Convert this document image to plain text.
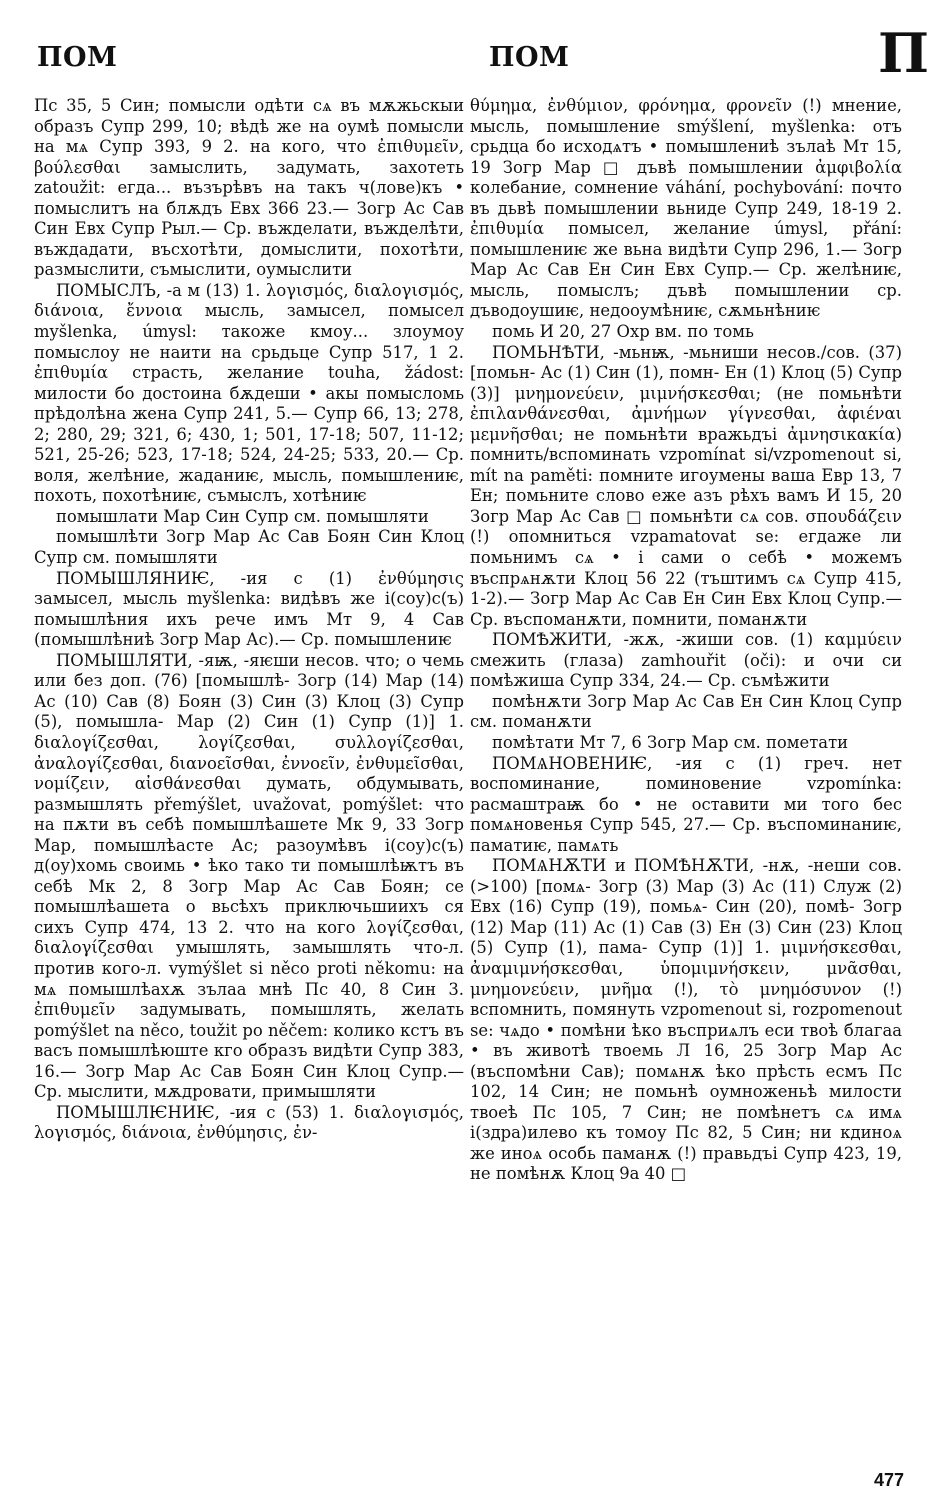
ПОМ	ПОМ	П

Пс 35, 5 Син; помысли одѣти сѧ въ мѫжьскыи образъ Супр 299, 10; вѣдѣ же на оумѣ помысли на мѧ Супр 393, 9 2. на кого, что ἐπιθυμεῖν, βούλεσθαι замыслить, задумать, захотеть zatoužit: егда... възърѣвъ на такъ ч(лове)къ • помыслитъ на блѫдъ Евх 366 23.— Зогр Ас Сав Син Евх Супр Рыл.— Ср. въжделати, въжделѣти, въждадати, въсхотѣти, домыслити, похотѣти, размыслити, съмыслити, оумыслити

ПОМЫСЛЪ, -а м (13) 1. λογισμός, διαλογισμός, διάνοια, ἔννοια мысль, замысел, помысел myšlenka, úmysl: такоже кмоу... злоумоу помыслоу не наити на срьдьце Супр 517, 1 2. ἐπιθυμία страсть, желание touha, žádost: милости бо достоина бѫдеши • акы помысломь прѣдолѣна жена Супр 241, 5.— Супр 66, 13; 278, 2; 280, 29; 321, 6; 430, 1; 501, 17-18; 507, 11-12; 521, 25-26; 523, 17-18; 524, 24-25; 533, 20.— Ср. воля, желѣние, жаданиѥ, мысль, помышлениѥ, похоть, похотѣниѥ, съмыслъ, хотѣниѥ

помышлати Мар Син Супр см. помышляти

помышлѣти Зогр Мар Ас Сав Боян Син Клоц Супр см. помышляти

ПОМЫШЛЯНИѤ, -ия с (1) ἐνθύμησις замысел, мысль myšlenka: видѣвъ же і(соу)с(ъ) помышлѣния ихъ рече имъ Мт 9, 4 Сав (помышлѣниѣ Зогр Мар Ас).— Ср. помышлениѥ

ПОМЫШЛЯТИ, -яѭ, -яѥши несов. что; о чемь или без доп. (76) [помышлѣ- Зогр (14) Мар (14) Ас (10) Сав (8) Боян (3) Син (3) Клоц (3) Супр (5), помышла- Мар (2) Син (1) Супр (1)] 1. διαλογίζεσθαι, λογίζεσθαι, συλλογίζεσθαι, ἀναλογίζεσθαι, διανοεῖσθαι, ἐννοεῖν, ἐνθυμεῖσθαι, νομίζειν, αἰσθάνεσθαι думать, обдумывать, размышлять přemýšlet, uvažovat, pomýšlet: что на пѫти въ себѣ помышлѣашете Мк 9, 33 Зогр Мар, помышлѣасте Ас; разоумѣвъ і(соу)с(ъ) д(оу)хомь своимь • ѣко тако ти помышлѣѭтъ въ себѣ Мк 2, 8 Зогр Мар Ас Сав Боян; се помышлѣашета о вьсѣхъ приключьшиихъ ся сихъ Супр 474, 13 2. что на кого λογίζεσθαι, διαλογίζεσθαι умышлять, замышлять что-л. против кого-л. vymýšlet si něco proti někomu: на мѧ помышлѣахѫ зълаа мнѣ Пс 40, 8 Син 3. ἐπιθυμεῖν задумывать, помышлять, желать pomýšlet na něco, toužit po něčem: колико кстъ въ васъ помышлѣюште кго образъ видѣти Супр 383, 16.— Зогр Мар Ас Сав Боян Син Клоц Супр.— Ср. мыслити, мѫдровати, примышляти

ПОМЫШЛѤНИѤ, -ия с (53) 1. διαλογισμός, λογισμός, διάνοια, ἐνθύμησις, ἐν-

θύμημα, ἐνθύμιον, φρόνημα, φρονεῖν (!) мнение, мысль, помышление smýšlení, myšlenka: отъ срьдца бо исходѧтъ • помышлениѣ зълаѣ Мт 15, 19 Зогр Мар □ дъвѣ помышлении ἀμφιβολία колебание, сомнение váhání, pochybování: почто въ дьвѣ помышлении вьниде Супр 249, 18-19 2. ἐπιθυμία помысел, желание úmysl, přání: помышлениѥ же вьна видѣти Супр 296, 1.— Зогр Мар Ас Сав Ен Син Евх Супр.— Ср. желѣниѥ, мысль, помыслъ; дъвѣ помышлении ср. дъводоушиѥ, недооумѣниѥ, сѫмьнѣниѥ

помь И 20, 27 Охр вм. по томь

ПОМЬНѢТИ, -мьнѭ, -мьниши несов./сов. (37) [помьн- Ас (1) Син (1), помн- Ен (1) Клоц (5) Супр (3)] μνημονεύειν, μιμνήσκεσθαι; (не помьнѣти ἐπιλανθάνεσθαι, ἀμνήμων γίγνεσθαι, ἀφιέναι μεμνῆσθαι; не помьнѣти вражьдъі ἀμνησικακία) помнить/вспоминать vzpomínat si/vzpomenout si, mít na paměti: помните игоумены ваша Евр 13, 7 Ен; помьните слово еже азъ рѣхъ вамъ И 15, 20 Зогр Мар Ас Сав □ помьнѣти сѧ сов. σπουδάζειν (!) опомниться vzpamatovat se: егдаже ли помьнимъ сѧ • і сами о себѣ • можемъ въспрѧнѫти Клоц 56 22 (тъштимъ сѧ Супр 415, 1-2).— Зогр Мар Ас Сав Ен Син Евх Клоц Супр.— Ср. въспоманѫти, помнити, поманѫти

ПОМѢЖИТИ, -жѫ, -жиши сов. (1) καμμύειν смежить (глаза) zamhouřit (oči): и очи си помѣжиша Супр 334, 24.— Ср. съмѣжити

помѣнѫти Зогр Мар Ас Сав Ен Син Клоц Супр см. поманѫти

помѣтати Мт 7, 6 Зогр Мар см. пометати

ПОМѦНОВЕНИѤ, -ия с (1) греч. нет воспоминание, поминовение vzpomínka: расмаштраѭ бо • не оставити ми того бес помѧновенья Супр 545, 27.— Ср. въспоминаниѥ, паматиѥ, памѧть

ПОМѦНѪТИ и ПОМѢНѪТИ, -нѫ, -неши сов. (>100) [помѧ- Зогр (3) Мар (3) Ас (11) Служ (2) Евх (16) Супр (19), помьѧ- Син (20), помѣ- Зогр (12) Мар (11) Ас (1) Сав (3) Ен (3) Син (23) Клоц (5) Супр (1), пама- Супр (1)] 1. μιμνήσκεσθαι, ἀναμιμνήσκεσθαι, ὑπομιμνήσκειν, μνᾶσθαι, μνημονεύειν, μνῆμα (!), τὸ μνημόσυνον (!) вспомнить, помянуть vzpomenout si, rozpomenout se: чѧдо • помѣни ѣко въсприѧлъ еси твоѣ благаа • въ животѣ твоемь Л 16, 25 Зогр Мар Ас (въспомѣни Сав); помѧнѫ ѣко прѣсть есмъ Пс 102, 14 Син; не помьнѣ оумноженьѣ милости твоеѣ Пс 105, 7 Син; не помѣнетъ сѧ имѧ і(здра)илево къ томоу Пс 82, 5 Син; ни кдиноѧ же иноѧ особь паманѫ (!) правьдъі Супр 423, 19, не помѣнѫ Клоц 9а 40 □

477
